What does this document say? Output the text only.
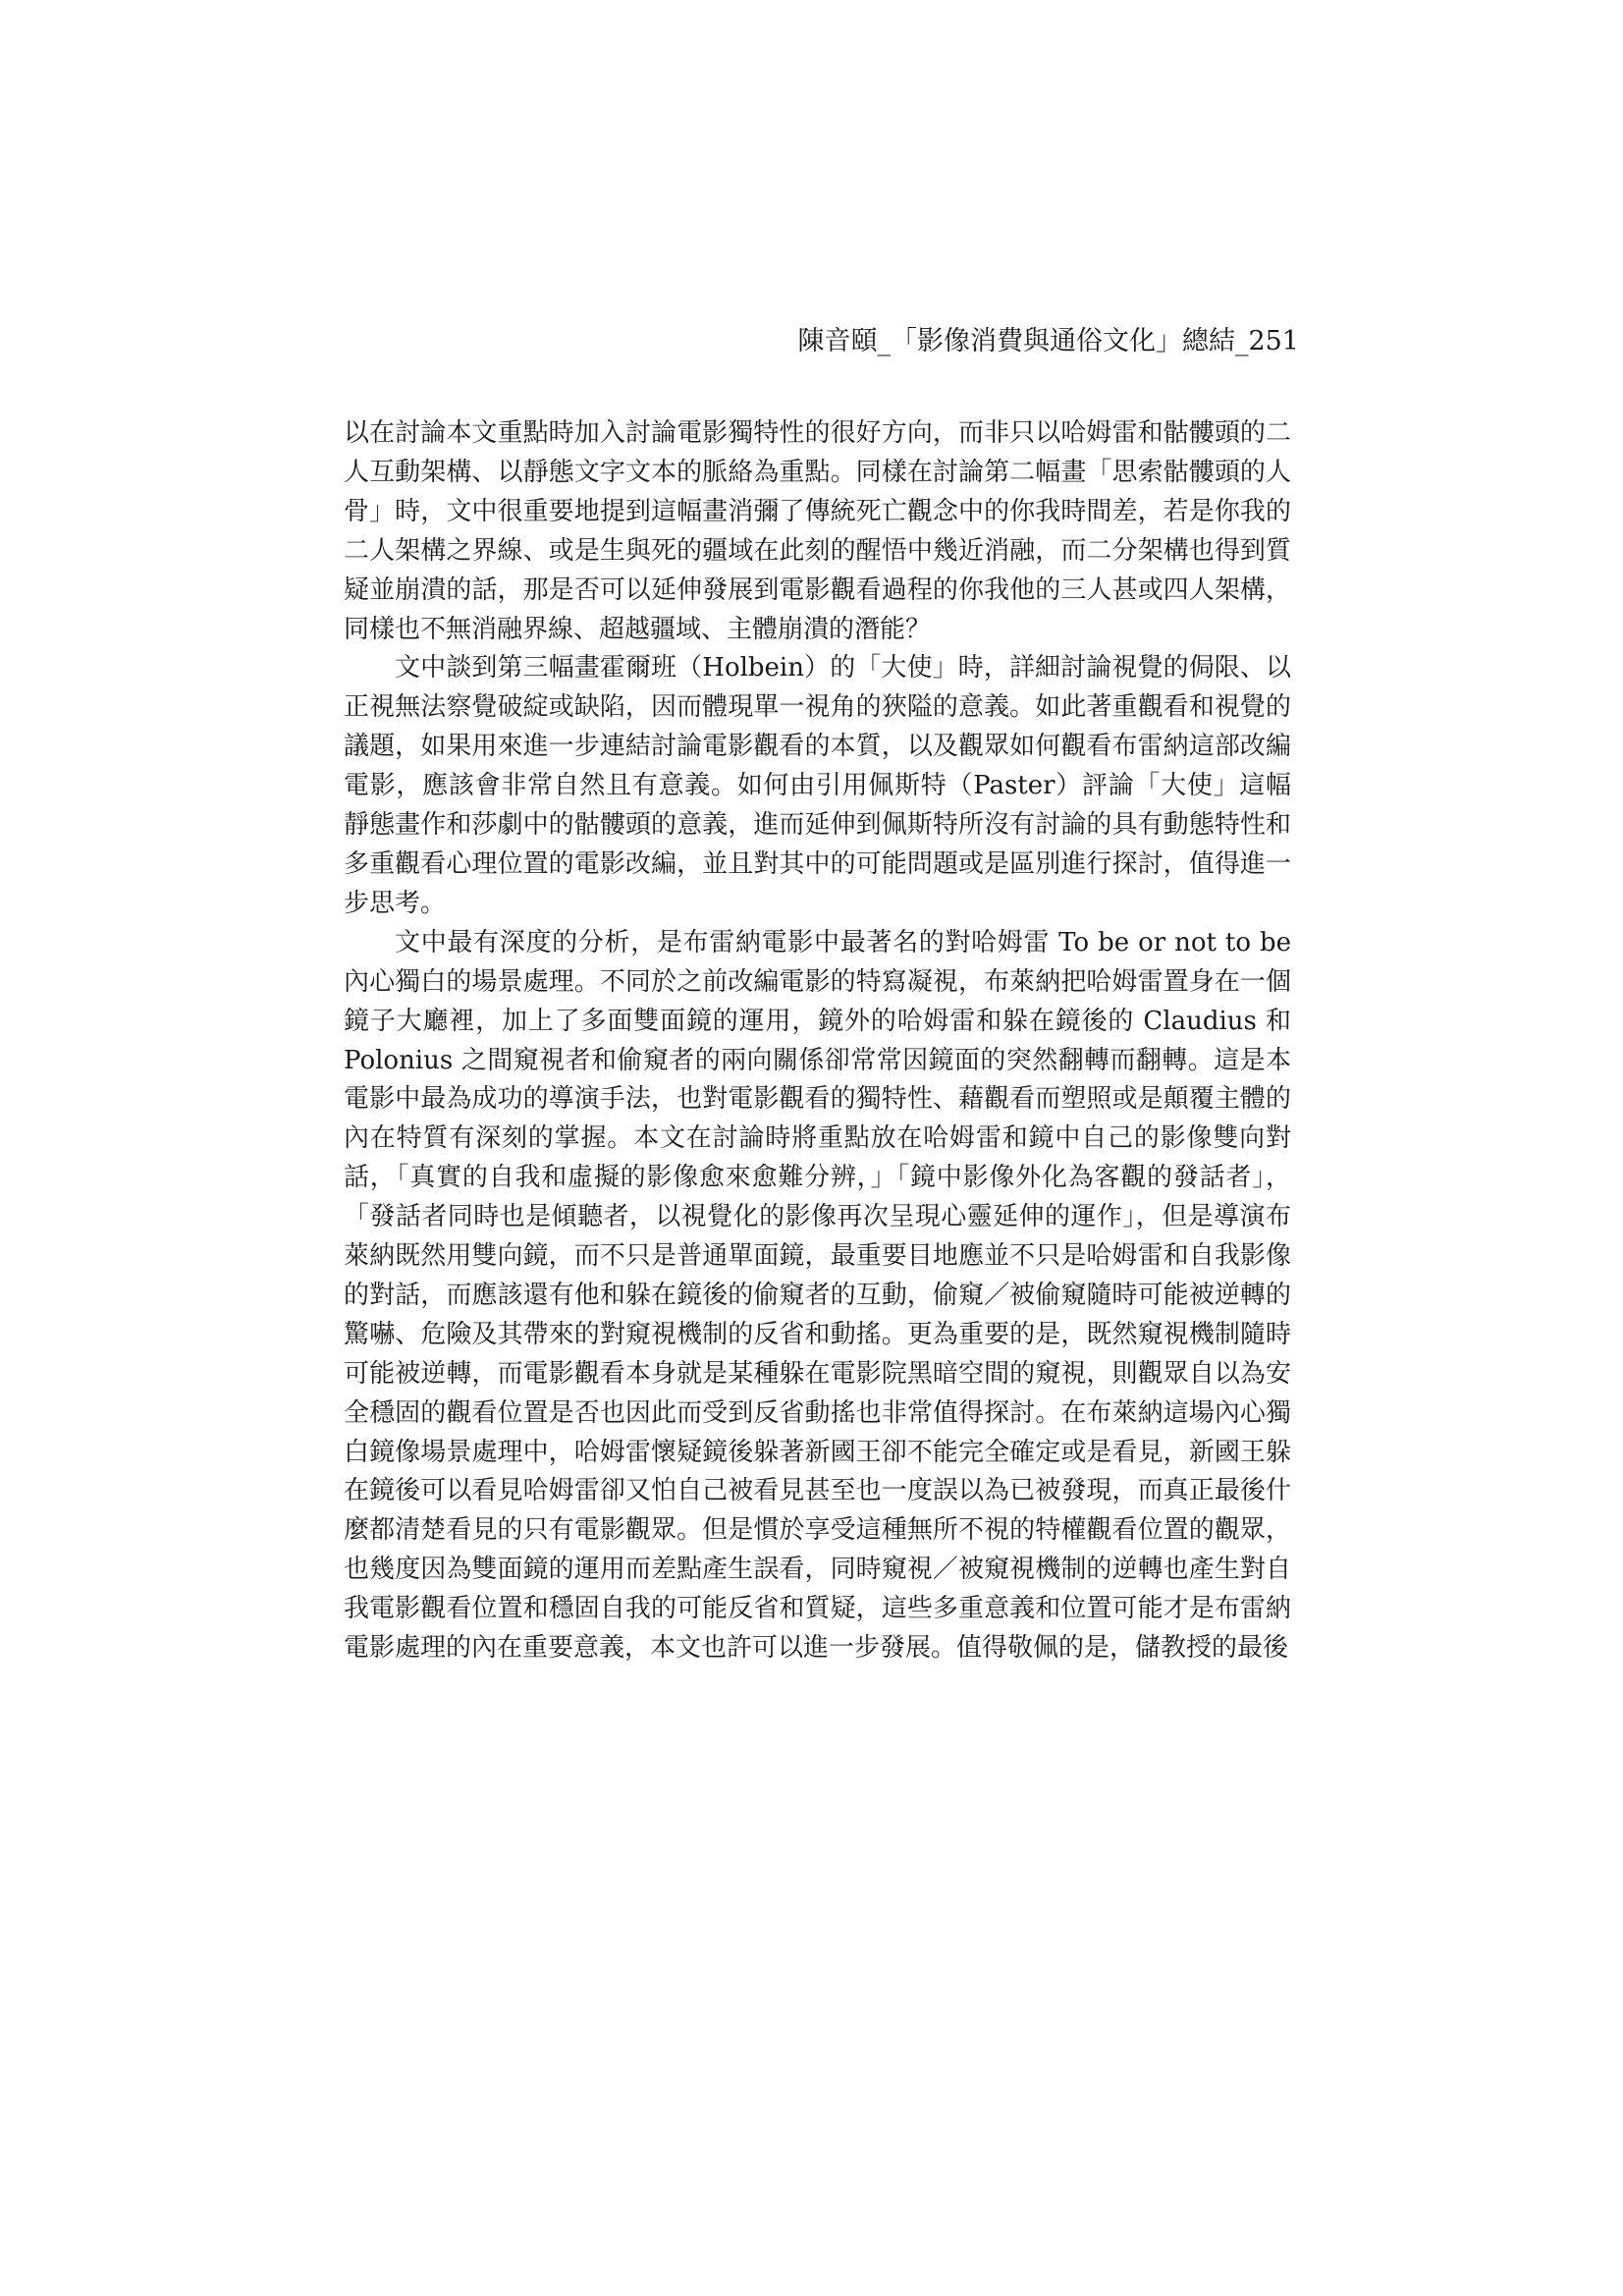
陳音頤_「影像消費與通俗文化」總結_251

以在討論本文重點時加入討論電影獨特性的很好方向，而非只以哈姆雷和骷髏頭的二人互動架構、以靜態文字文本的脈絡為重點。同樣在討論第二幅畫「思索骷髏頭的人骨」時，文中很重要地提到這幅畫消彌了傳統死亡觀念中的你我時間差，若是你我的二人架構之界線、或是生與死的疆域在此刻的醒悟中幾近消融，而二分架構也得到質疑並崩潰的話，那是否可以延伸發展到電影觀看過程的你我他的三人甚或四人架構，同樣也不無消融界線、超越疆域、主體崩潰的潛能？

文中談到第三幅畫霍爾班（Holbein）的「大使」時，詳細討論視覺的侷限、以正視無法察覺破綻或缺陷，因而體現單一視角的狹隘的意義。如此著重觀看和視覺的議題，如果用來進一步連結討論電影觀看的本質，以及觀眾如何觀看布雷納這部改編電影，應該會非常自然且有意義。如何由引用佩斯特（Paster）評論「大使」這幅靜態畫作和莎劇中的骷髏頭的意義，進而延伸到佩斯特所沒有討論的具有動態特性和多重觀看心理位置的電影改編，並且對其中的可能問題或是區別進行探討，值得進一步思考。

文中最有深度的分析，是布雷納電影中最著名的對哈姆雷 To be or not to be 內心獨白的場景處理。不同於之前改編電影的特寫凝視，布萊納把哈姆雷置身在一個鏡子大廳裡，加上了多面雙面鏡的運用，鏡外的哈姆雷和躲在鏡後的 Claudius 和 Polonius 之間窺視者和偷窺者的兩向關係卻常常因鏡面的突然翻轉而翻轉。這是本電影中最為成功的導演手法，也對電影觀看的獨特性、藉觀看而塑照或是顛覆主體的內在特質有深刻的掌握。本文在討論時將重點放在哈姆雷和鏡中自己的影像雙向對話，「真實的自我和虛擬的影像愈來愈難分辨，」「鏡中影像外化為客觀的發話者」，「發話者同時也是傾聽者，以視覺化的影像再次呈現心靈延伸的運作」，但是導演布萊納既然用雙向鏡，而不只是普通單面鏡，最重要目地應並不只是哈姆雷和自我影像的對話，而應該還有他和躲在鏡後的偷窺者的互動，偷窺／被偷窺隨時可能被逆轉的驚嚇、危險及其帶來的對窺視機制的反省和動搖。更為重要的是，既然窺視機制隨時可能被逆轉，而電影觀看本身就是某種躲在電影院黑暗空間的窺視，則觀眾自以為安全穩固的觀看位置是否也因此而受到反省動搖也非常值得探討。在布萊納這場內心獨白鏡像場景處理中，哈姆雷懷疑鏡後躲著新國王卻不能完全確定或是看見，新國王躲在鏡後可以看見哈姆雷卻又怕自己被看見甚至也一度誤以為已被發現，而真正最後什麼都清楚看見的只有電影觀眾。但是慣於享受這種無所不視的特權觀看位置的觀眾，也幾度因為雙面鏡的運用而差點產生誤看，同時窺視／被窺視機制的逆轉也產生對自我電影觀看位置和穩固自我的可能反省和質疑，這些多重意義和位置可能才是布雷納電影處理的內在重要意義，本文也許可以進一步發展。值得敬佩的是，儲教授的最後
